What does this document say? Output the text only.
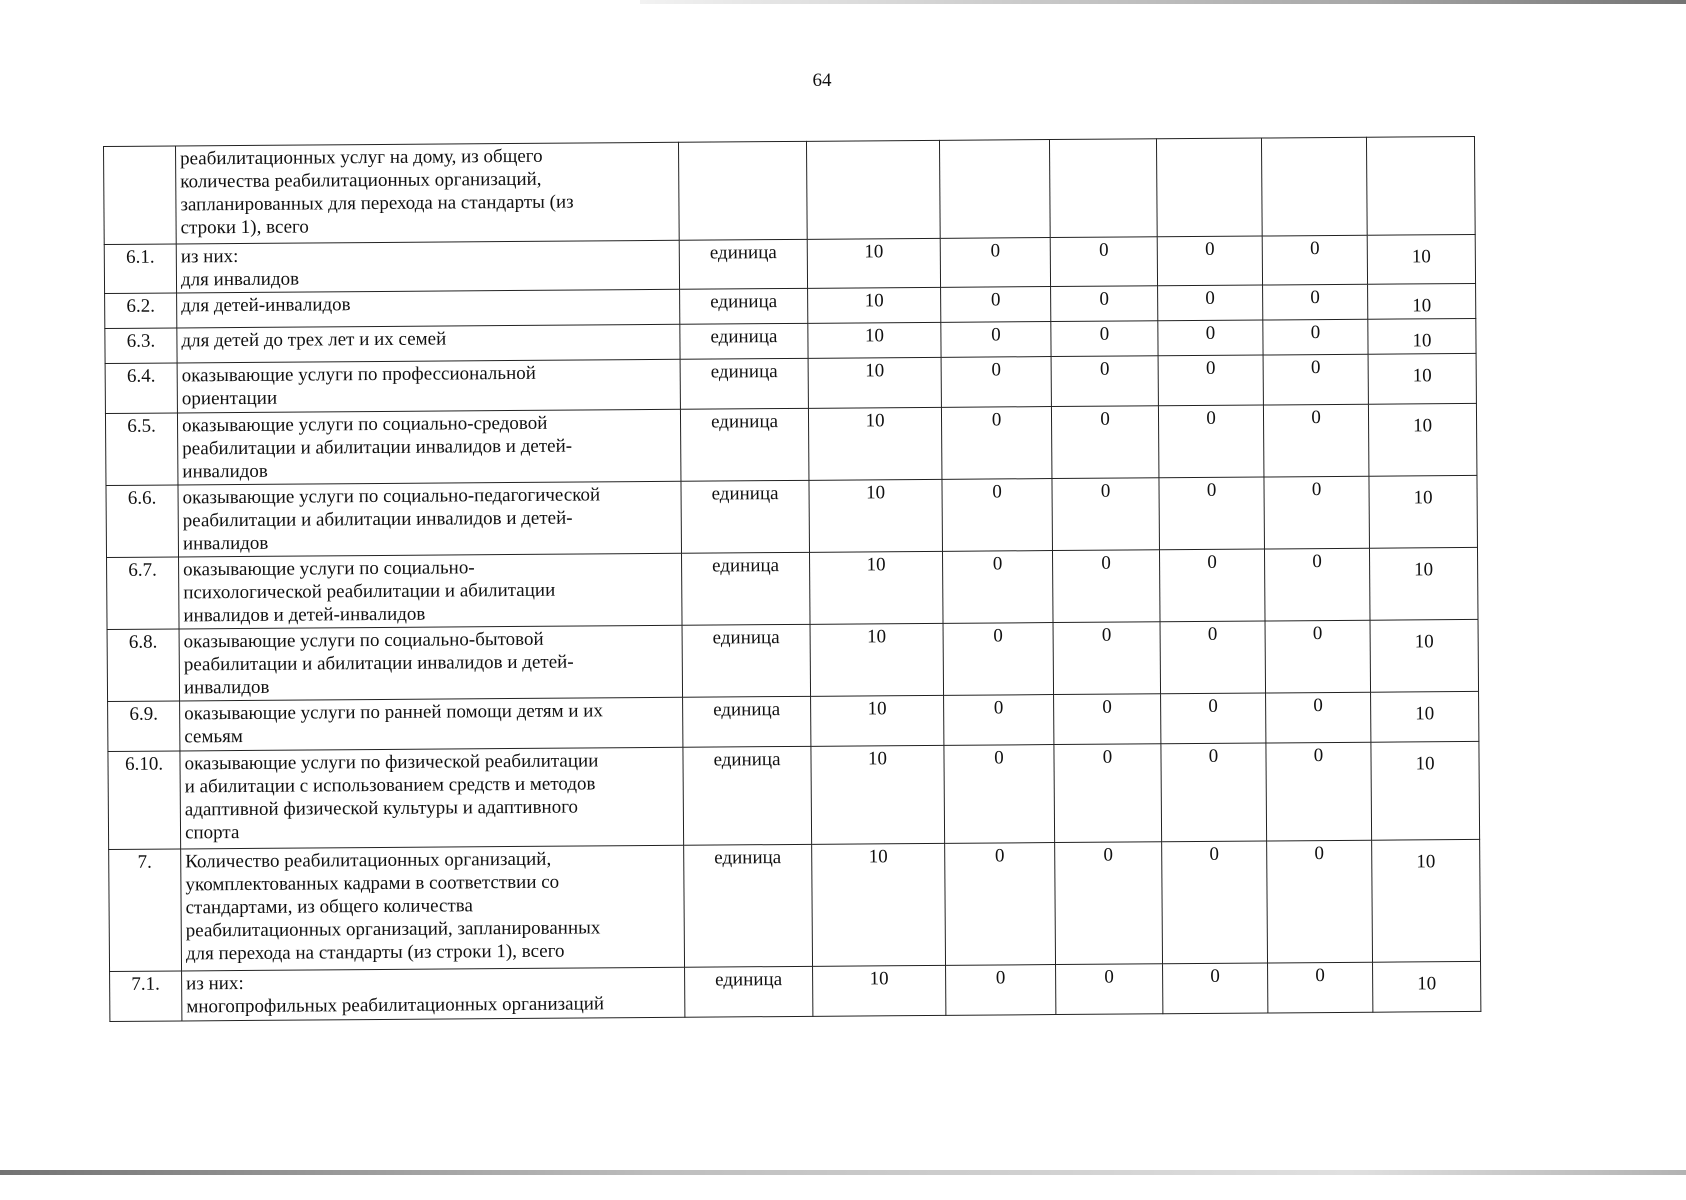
64

	реабилитационных услуг на дому, из общего
количества реабилитационных организаций,
запланированных для перехода на стандарты (из
строки 1), всего							

6.1.	из них:
для инвалидов	единица	10	0	0	0	0	10
6.2.	для детей-инвалидов	единица	10	0	0	0	0	10
6.3.	для детей до трех лет и их семей	единица	10	0	0	0	0	10
6.4.	оказывающие услуги по профессиональной
ориентации	единица	10	0	0	0	0	10
6.5.	оказывающие услуги по социально-средовой
реабилитации и абилитации инвалидов и детей-
инвалидов	единица	10	0	0	0	0	10
6.6.	оказывающие услуги по социально-педагогической
реабилитации и абилитации инвалидов и детей-
инвалидов	единица	10	0	0	0	0	10
6.7.	оказывающие услуги по социально-
психологической реабилитации и абилитации
инвалидов и детей-инвалидов	единица	10	0	0	0	0	10
6.8.	оказывающие услуги по социально-бытовой
реабилитации и абилитации инвалидов и детей-
инвалидов	единица	10	0	0	0	0	10
6.9.	оказывающие услуги по ранней помощи детям и их
семьям	единица	10	0	0	0	0	10
6.10.	оказывающие услуги по физической реабилитации
и абилитации с использованием средств и методов
адаптивной физической культуры и адаптивного
спорта	единица	10	0	0	0	0	10
7.	Количество реабилитационных организаций,
укомплектованных кадрами в соответствии со
стандартами, из общего количества
реабилитационных организаций, запланированных
для перехода на стандарты (из строки 1), всего	единица	10	0	0	0	0	10
7.1.	из них:
многопрофильных реабилитационных организаций	единица	10	0	0	0	0	10
